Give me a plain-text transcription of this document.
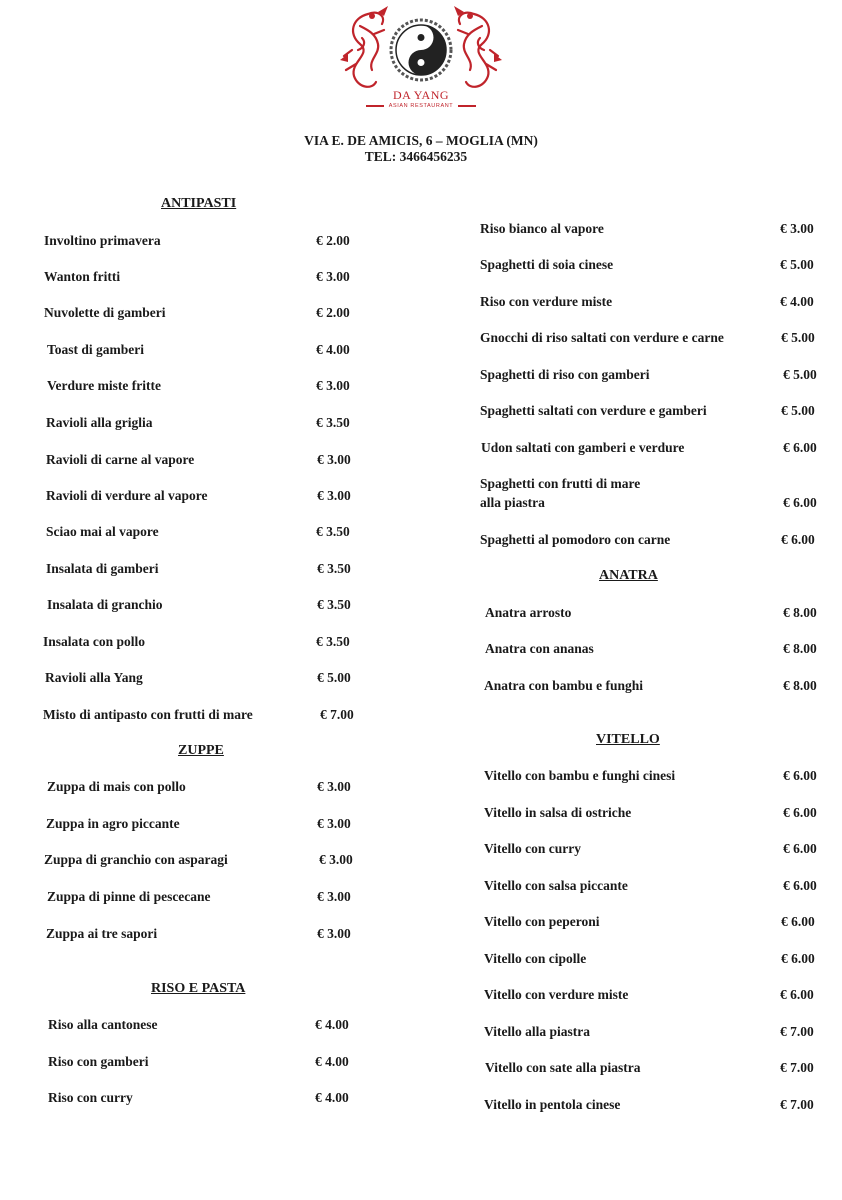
DA YANG
ASIAN RESTAURANT
VIA E. DE AMICIS, 6 – MOGLIA (MN)
TEL: 3466456235
ANTIPASTI
Involtino primavera	€ 2.00
Wanton fritti	€ 3.00
Nuvolette di gamberi	€ 2.00
Toast di gamberi	€ 4.00
Verdure miste fritte	€ 3.00
Ravioli alla griglia	€ 3.50
Ravioli di carne al vapore	€ 3.00
Ravioli di verdure al vapore	€ 3.00
Sciao mai al vapore	€ 3.50
Insalata di gamberi	€ 3.50
Insalata di granchio	€ 3.50
Insalata con pollo	€ 3.50
Ravioli alla Yang	€ 5.00
Misto di antipasto con frutti di mare	€ 7.00
ZUPPE
Zuppa di mais con pollo	€ 3.00
Zuppa in agro piccante	€ 3.00
Zuppa di granchio con asparagi	€ 3.00
Zuppa di pinne di pescecane	€ 3.00
Zuppa ai tre sapori	€ 3.00
RISO E PASTA
Riso alla cantonese	€ 4.00
Riso con gamberi	€ 4.00
Riso con curry	€ 4.00
Riso bianco al vapore	€ 3.00
Spaghetti di soia cinese	€ 5.00
Riso con verdure miste	€ 4.00
Gnocchi di riso saltati con verdure e carne	€ 5.00
Spaghetti di riso con gamberi	€ 5.00
Spaghetti saltati con verdure e gamberi	€ 5.00
Udon saltati con gamberi e verdure	€ 6.00
Spaghetti con frutti di mare
alla piastra	€ 6.00
Spaghetti al pomodoro con carne	€ 6.00
ANATRA
Anatra arrosto	€ 8.00
Anatra con ananas	€ 8.00
Anatra con bambu e funghi	€ 8.00
VITELLO
Vitello con bambu e funghi cinesi	€ 6.00
Vitello in salsa di ostriche	€ 6.00
Vitello con curry	€ 6.00
Vitello con salsa piccante	€ 6.00
Vitello con peperoni	€ 6.00
Vitello con cipolle	€ 6.00
Vitello con verdure miste	€ 6.00
Vitello alla piastra	€ 7.00
Vitello con sate alla piastra	€ 7.00
Vitello in pentola cinese	€ 7.00
